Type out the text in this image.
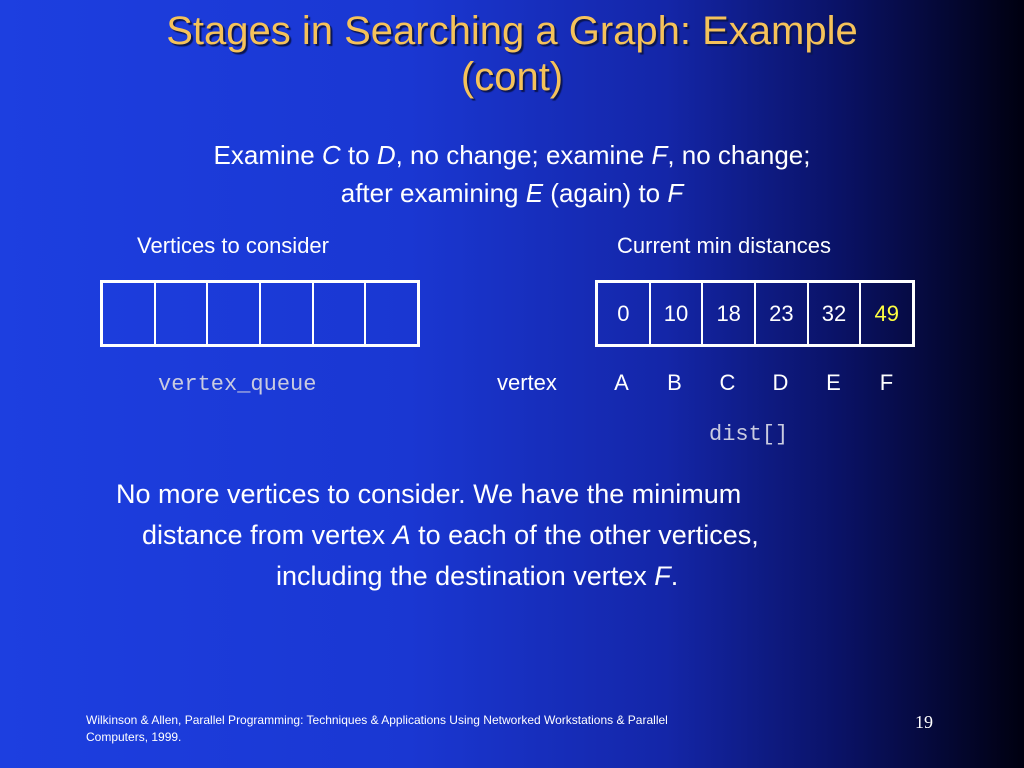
Stages in Searching a Graph: Example
(cont)
Examine C to D, no change; examine F, no change;
after examining E (again) to F
Vertices to consider	Current min distances
0	10	18	23	32	49
vertex_queue	vertex	A	B	C	D	E	F
dist[]

No more vertices to consider. We have the minimum

distance from vertex A to each of the other vertices,

including the destination vertex F.

Wilkinson & Allen, Parallel Programming: Techniques & Applications Using Networked Workstations & Parallel
Computers, 1999.
19
